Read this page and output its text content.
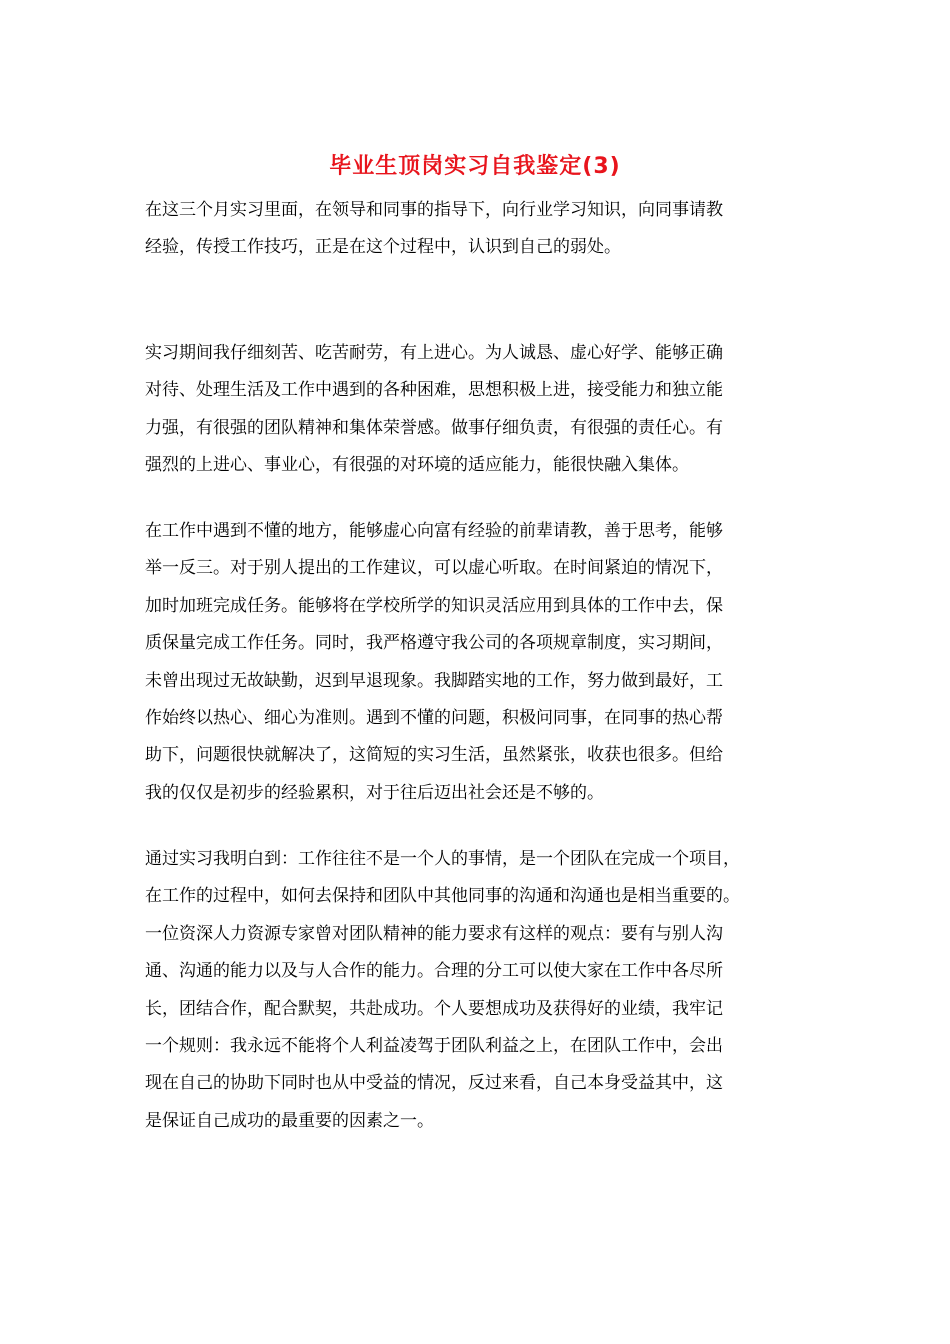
毕业生顶岗实习自我鉴定(3)

在这三个月实习里面，在领导和同事的指导下，向行业学习知识，向同事请教
经验，传授工作技巧，正是在这个过程中，认识到自己的弱处。

实习期间我仔细刻苦、吃苦耐劳，有上进心。为人诚恳、虚心好学、能够正确
对待、处理生活及工作中遇到的各种困难，思想积极上进，接受能力和独立能
力强，有很强的团队精神和集体荣誉感。做事仔细负责，有很强的责任心。有
强烈的上进心、事业心，有很强的对环境的适应能力，能很快融入集体。

在工作中遇到不懂的地方，能够虚心向富有经验的前辈请教，善于思考，能够
举一反三。对于别人提出的工作建议，可以虚心听取。在时间紧迫的情况下，
加时加班完成任务。能够将在学校所学的知识灵活应用到具体的工作中去，保
质保量完成工作任务。同时，我严格遵守我公司的各项规章制度，实习期间，
未曾出现过无故缺勤，迟到早退现象。我脚踏实地的工作，努力做到最好，工
作始终以热心、细心为准则。遇到不懂的问题，积极问同事，在同事的热心帮
助下，问题很快就解决了，这简短的实习生活，虽然紧张，收获也很多。但给
我的仅仅是初步的经验累积，对于往后迈出社会还是不够的。

通过实习我明白到：工作往往不是一个人的事情，是一个团队在完成一个项目，
在工作的过程中，如何去保持和团队中其他同事的沟通和沟通也是相当重要的。
一位资深人力资源专家曾对团队精神的能力要求有这样的观点：要有与别人沟
通、沟通的能力以及与人合作的能力。合理的分工可以使大家在工作中各尽所
长，团结合作，配合默契，共赴成功。个人要想成功及获得好的业绩，我牢记
一个规则：我永远不能将个人利益凌驾于团队利益之上，在团队工作中，会出
现在自己的协助下同时也从中受益的情况，反过来看，自己本身受益其中，这
是保证自己成功的最重要的因素之一。
